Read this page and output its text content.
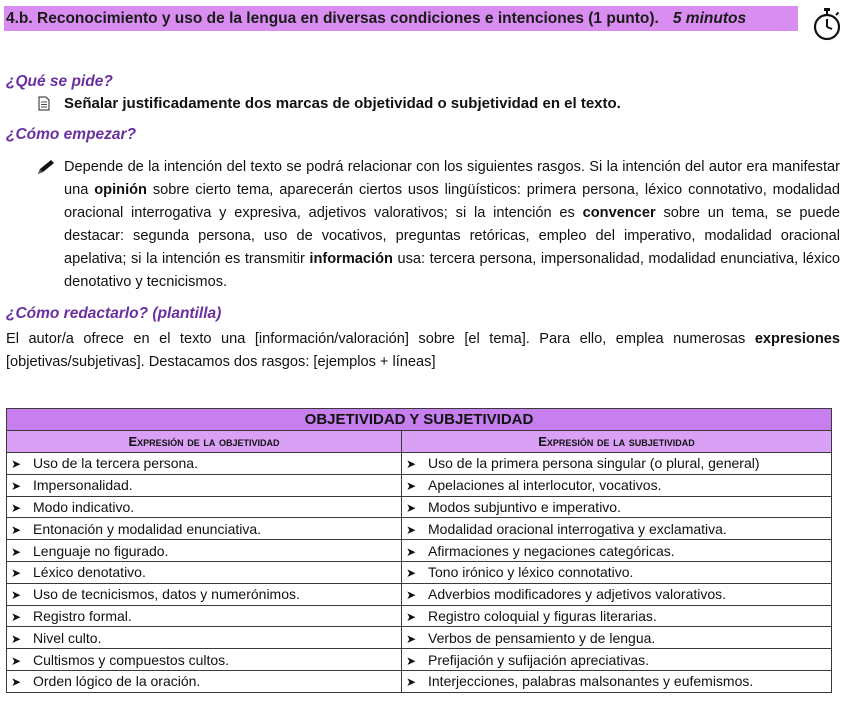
4.b. Reconocimiento y uso de la lengua en diversas condiciones e intenciones (1 punto). 5 minutos
¿Qué se pide?
Señalar justificadamente dos marcas de objetividad o subjetividad en el texto.
¿Cómo empezar?

Depende de la intención del texto se podrá relacionar con los siguientes rasgos. Si la intención del autor era manifestar una opinión sobre cierto tema, aparecerán ciertos usos lingüísticos: primera persona, léxico connotativo, modalidad oracional interrogativa y expresiva, adjetivos valorativos; si la intención es convencer sobre un tema, se puede destacar: segunda persona, uso de vocativos, preguntas retóricas, empleo del imperativo, modalidad oracional apelativa; si la intención es transmitir información usa: tercera persona, impersonalidad, modalidad enunciativa, léxico denotativo y tecnicismos.

¿Cómo redactarlo? (plantilla)

El autor/a ofrece en el texto una [información/valoración] sobre [el tema]. Para ello, emplea numerosas expresiones [objetivas/subjetivas]. Destacamos dos rasgos: [ejemplos + líneas]

OBJETIVIDAD Y SUBJETIVIDAD	
Expresión de la objetividad	Expresión de la subjetividad
➤ Uso de la tercera persona.	➤ Uso de la primera persona singular (o plural, general)
➤ Impersonalidad.	➤ Apelaciones al interlocutor, vocativos.
➤ Modo indicativo.	➤ Modos subjuntivo e imperativo.
➤ Entonación y modalidad enunciativa.	➤ Modalidad oracional interrogativa y exclamativa.
➤ Lenguaje no figurado.	➤ Afirmaciones y negaciones categóricas.
➤ Léxico denotativo.	➤ Tono irónico y léxico connotativo.
➤ Uso de tecnicismos, datos y numerónimos.	➤ Adverbios modificadores y adjetivos valorativos.
➤ Registro formal.	➤ Registro coloquial y figuras literarias.
➤ Nivel culto.	➤ Verbos de pensamiento y de lengua.
➤ Cultismos y compuestos cultos.	➤ Prefijación y sufijación apreciativas.
➤ Orden lógico de la oración.	➤ Interjecciones, palabras malsonantes y eufemismos.
